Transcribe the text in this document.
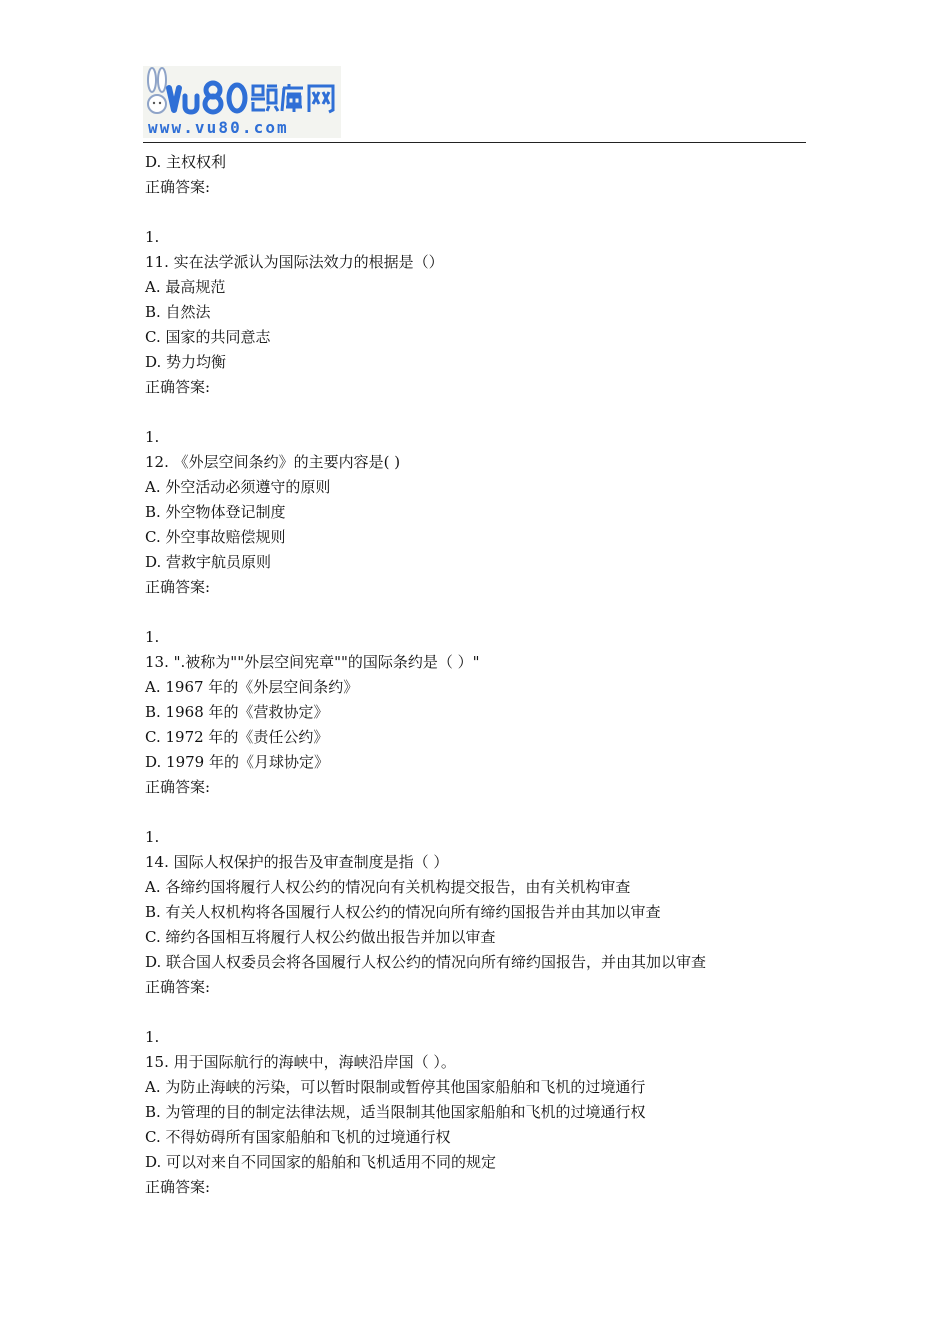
www.vu80.com
D. 主权权利
正确答案:
1.
11. 实在法学派认为国际法效力的根据是（）
A. 最高规范
B. 自然法
C. 国家的共同意志
D. 势力均衡
正确答案:
1.
12. 《外层空间条约》的主要内容是( )
A. 外空活动必须遵守的原则
B. 外空物体登记制度
C. 外空事故赔偿规则
D. 营救宇航员原则
正确答案:
1.
13. ".被称为""外层空间宪章""的国际条约是（ ）"
A. 1967 年的《外层空间条约》
B. 1968 年的《营救协定》
C. 1972 年的《责任公约》
D. 1979 年的《月球协定》
正确答案:
1.
14. 国际人权保护的报告及审查制度是指（ ）
A. 各缔约国将履行人权公约的情况向有关机构提交报告，由有关机构审查
B. 有关人权机构将各国履行人权公约的情况向所有缔约国报告并由其加以审查
C. 缔约各国相互将履行人权公约做出报告并加以审查
D. 联合国人权委员会将各国履行人权公约的情况向所有缔约国报告，并由其加以审查
正确答案:
1.
15. 用于国际航行的海峡中，海峡沿岸国（ ）。
A. 为防止海峡的污染，可以暂时限制或暂停其他国家船舶和飞机的过境通行
B. 为管理的目的制定法律法规，适当限制其他国家船舶和飞机的过境通行权
C. 不得妨碍所有国家船舶和飞机的过境通行权
D. 可以对来自不同国家的船舶和飞机适用不同的规定
正确答案:
